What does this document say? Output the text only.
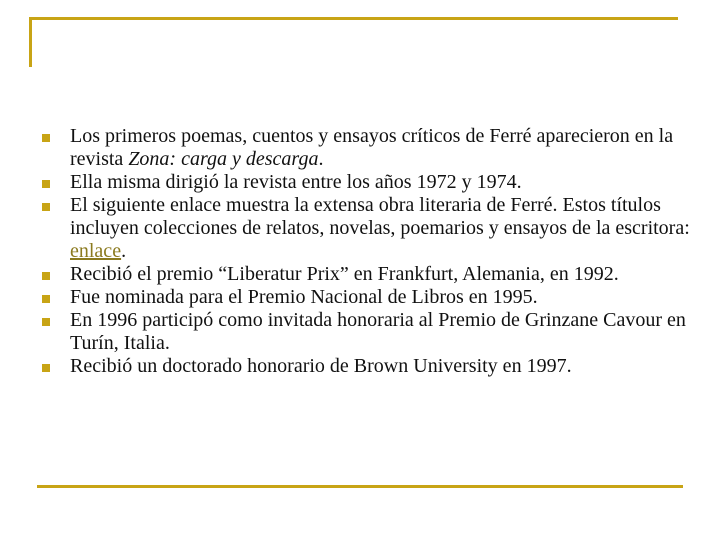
Los primeros poemas, cuentos y ensayos críticos de Ferré aparecieron en la revista Zona: carga y descarga.
Ella misma dirigió la revista entre los años 1972 y 1974.
El siguiente enlace muestra la extensa obra literaria de Ferré. Estos títulos incluyen colecciones de relatos, novelas, poemarios y ensayos de la escritora: enlace.
Recibió el premio “Liberatur Prix” en Frankfurt, Alemania, en 1992.
Fue nominada para el Premio Nacional de Libros en 1995.
En 1996 participó como invitada honoraria al Premio de Grinzane Cavour en Turín, Italia.
Recibió un doctorado honorario de Brown University en 1997.
